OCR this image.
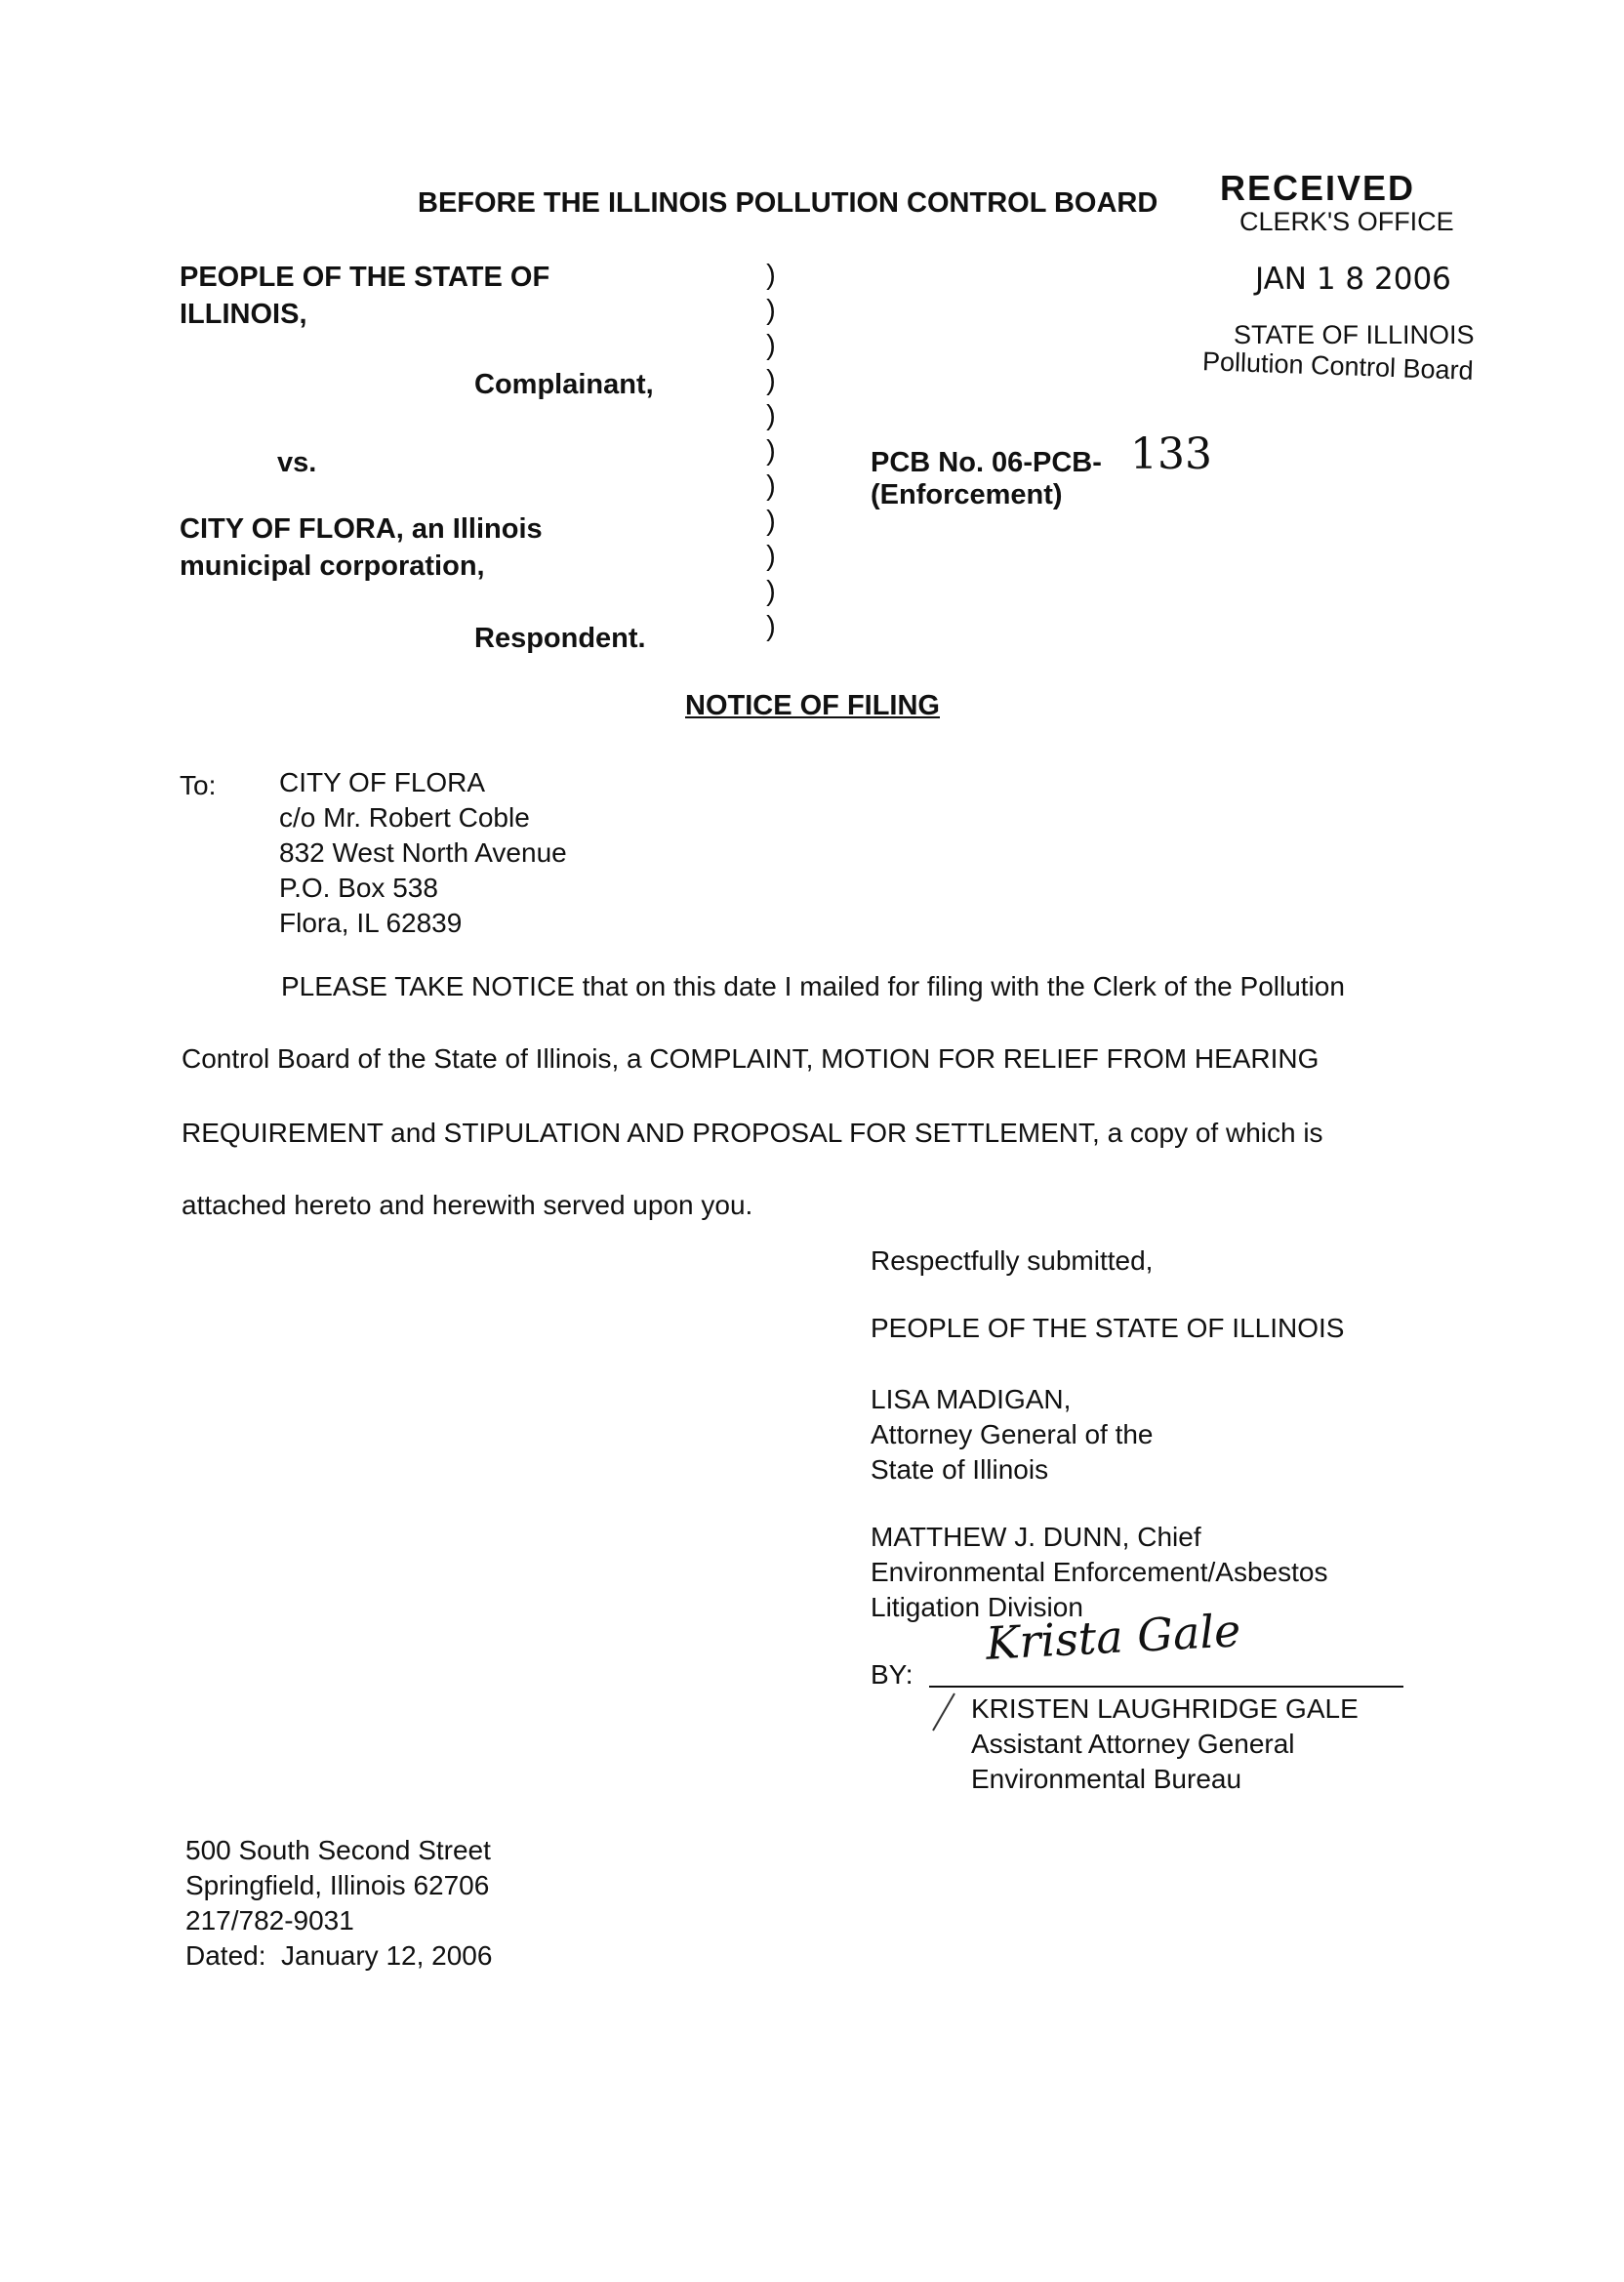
BEFORE THE ILLINOIS POLLUTION CONTROL BOARD RECEIVED
CLERK'S OFFICE
JAN 1 8 2006
STATE OF ILLINOIS
Pollution Control Board
PEOPLE OF THE STATE OF
ILLINOIS,
Complainant,
vs.
CITY OF FLORA, an Illinois
municipal corporation,
Respondent.
)
)
)
)
)
)
)
)
)
)
)
PCB No. 06-PCB- 133
(Enforcement)
NOTICE OF FILING
To: CITY OF FLORA
c/o Mr. Robert Coble
832 West North Avenue
P.O. Box 538
Flora, IL 62839
PLEASE TAKE NOTICE that on this date I mailed for filing with the Clerk of the Pollution
Control Board of the State of Illinois, a COMPLAINT, MOTION FOR RELIEF FROM HEARING
REQUIREMENT and STIPULATION AND PROPOSAL FOR SETTLEMENT, a copy of which is
attached hereto and herewith served upon you.
Respectfully submitted,
PEOPLE OF THE STATE OF ILLINOIS
LISA MADIGAN,
Attorney General of the
State of Illinois
MATTHEW J. DUNN, Chief
Environmental Enforcement/Asbestos
Litigation Division
BY:
Krista Gale
KRISTEN LAUGHRIDGE GALE
Assistant Attorney General
Environmental Bureau
500 South Second Street
Springfield, Illinois 62706
217/782-9031
Dated:  January 12, 2006
